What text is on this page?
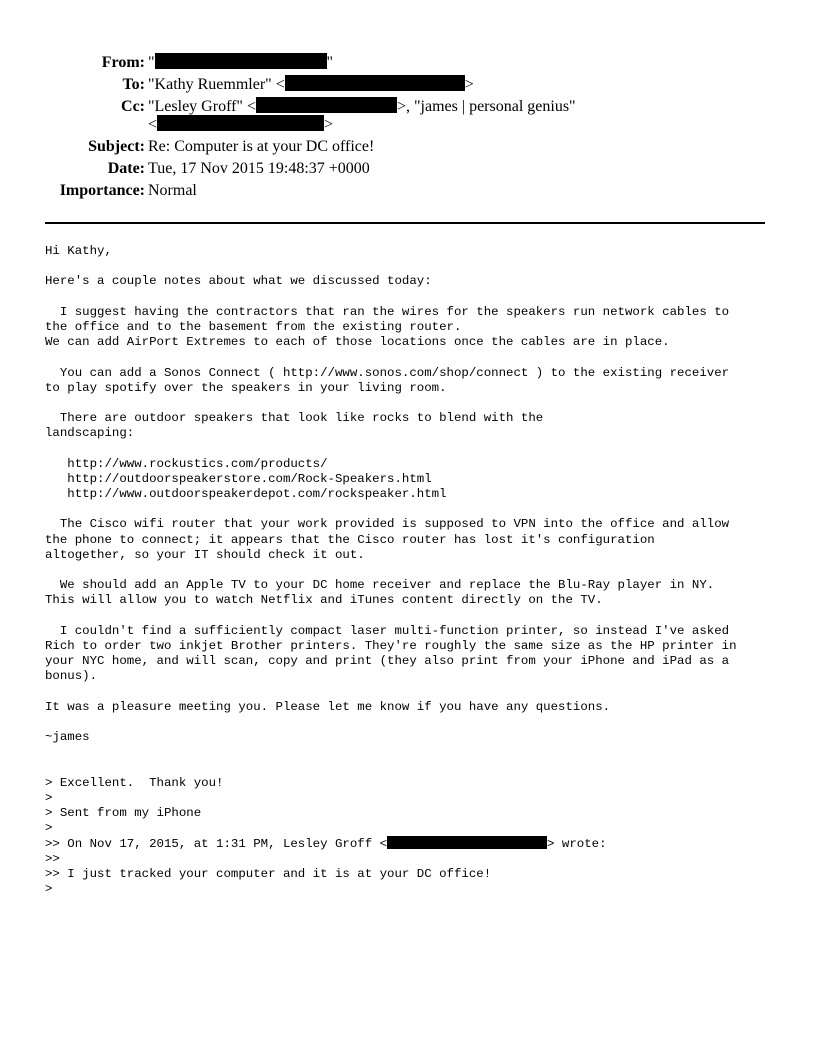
From: "	"
To: "Kathy Ruemmler" <	>
Cc: "Lesley Groff" <	>, "james | personal genius"
<	>
Subject: Re: Computer is at your DC office!
Date: Tue, 17 Nov 2015 19:48:37 +0000
Importance: Normal
Hi Kathy,
Here's a couple notes about what we discussed today:
I suggest having the contractors that ran the wires for the speakers run network cables to
the office and to the basement from the existing router.
We can add AirPort Extremes to each of those locations once the cables are in place.
You can add a Sonos Connect ( http://www.sonos.com/shop/connect ) to the existing receiver
to play spotify over the speakers in your living room.
There are outdoor speakers that look like rocks to blend with the
landscaping:
http://www.rockustics.com/products/
http://outdoorspeakerstore.com/Rock-Speakers.html
http://www.outdoorspeakerdepot.com/rockspeaker.html
The Cisco wifi router that your work provided is supposed to VPN into the office and allow
the phone to connect; it appears that the Cisco router has lost it's configuration
altogether, so your IT should check it out.
We should add an Apple TV to your DC home receiver and replace the Blu-Ray player in NY.
This will allow you to watch Netflix and iTunes content directly on the TV.
I couldn't find a sufficiently compact laser multi-function printer, so instead I've asked
Rich to order two inkjet Brother printers. They're roughly the same size as the HP printer in
your NYC home, and will scan, copy and print (they also print from your iPhone and iPad as a
bonus).
It was a pleasure meeting you. Please let me know if you have any questions.
~james
> Excellent.  Thank you!
>
> Sent from my iPhone
>
>> On Nov 17, 2015, at 1:31 PM, Lesley Groff <	> wrote:
>>
>> I just tracked your computer and it is at your DC office!
>
